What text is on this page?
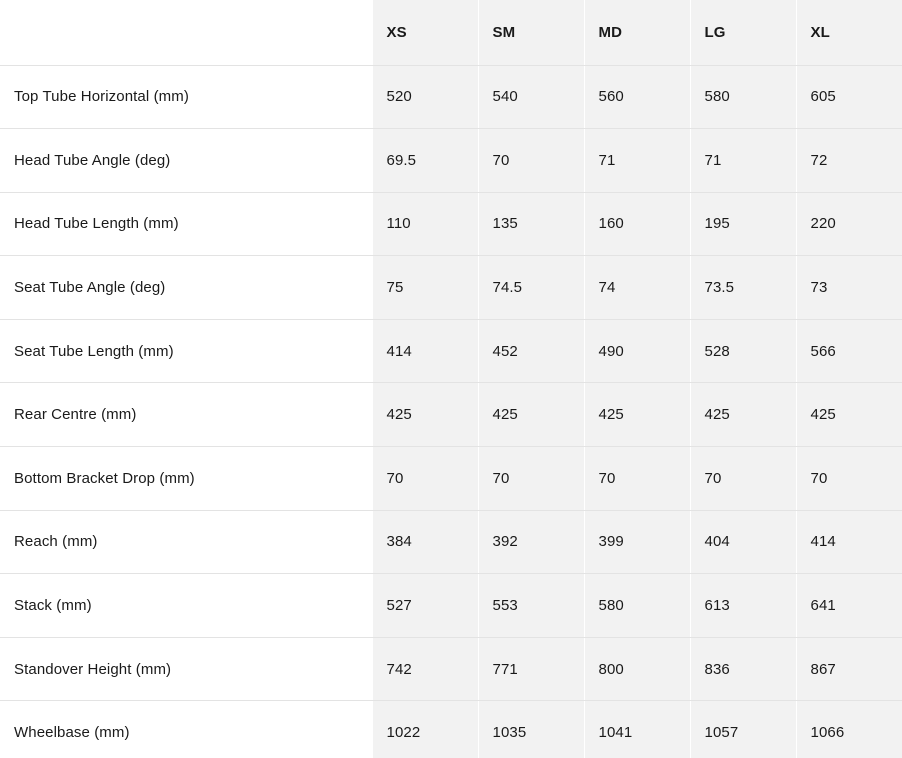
	XS	SM	MD	LG	XL
Top Tube Horizontal (mm)	520	540	560	580	605
Head Tube Angle (deg)	69.5	70	71	71	72
Head Tube Length (mm)	110	135	160	195	220
Seat Tube Angle (deg)	75	74.5	74	73.5	73
Seat Tube Length (mm)	414	452	490	528	566
Rear Centre (mm)	425	425	425	425	425
Bottom Bracket Drop (mm)	70	70	70	70	70
Reach (mm)	384	392	399	404	414
Stack (mm)	527	553	580	613	641
Standover Height (mm)	742	771	800	836	867
Wheelbase (mm)	1022	1035	1041	1057	1066
